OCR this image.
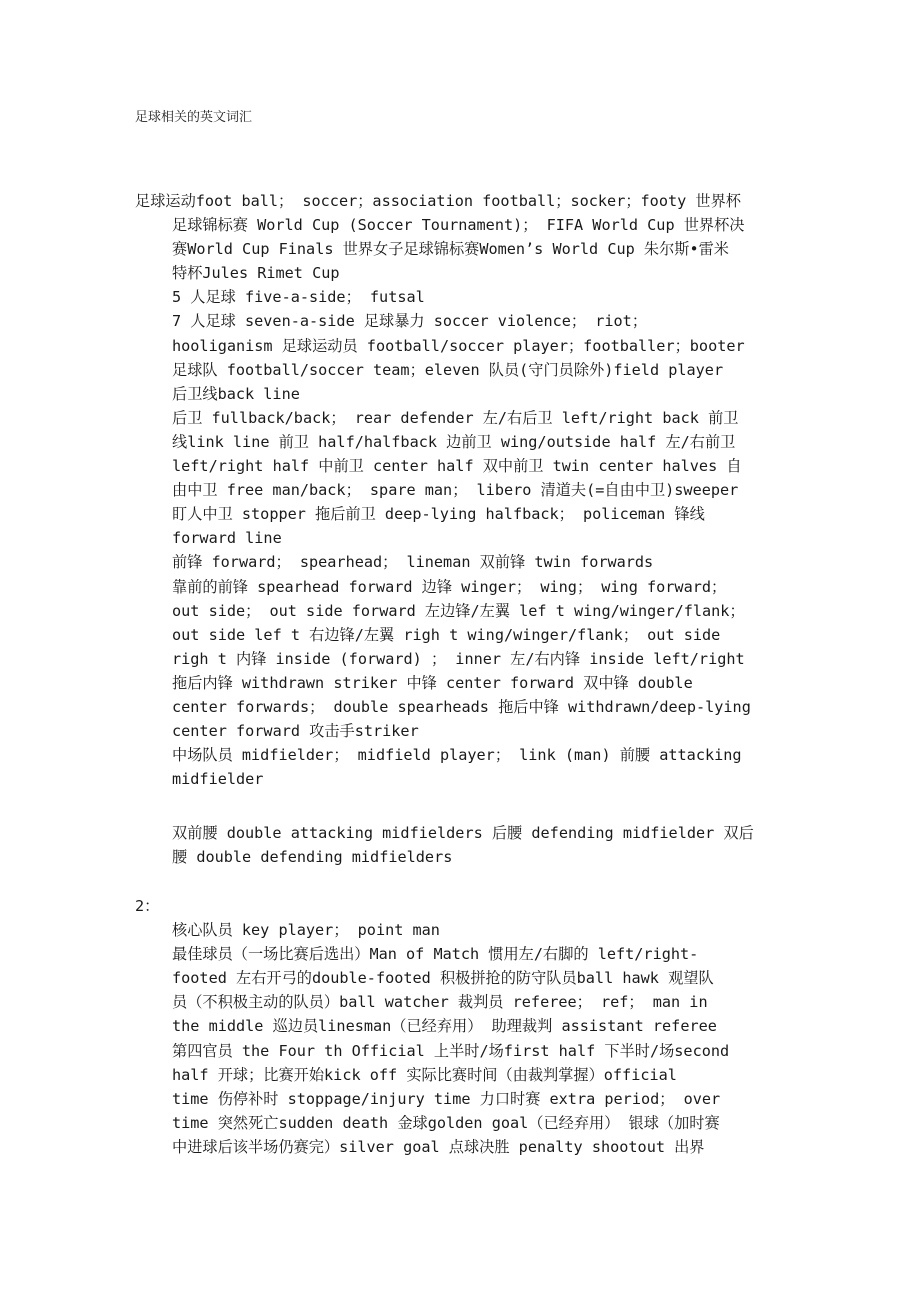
足球相关的英文词汇
足球运动foot ball； soccer；association football；socker；footy 世界杯
足球锦标赛 World Cup (Soccer Tournament)； FIFA World Cup 世界杯决
赛World Cup Finals 世界女子足球锦标赛Women’s World Cup 朱尔斯•雷米
特杯Jules Rimet Cup
5 人足球 five-a-side； futsal
7 人足球 seven-a-side 足球暴力 soccer violence； riot；
hooliganism 足球运动员 football/soccer player；footballer；booter
足球队 football/soccer team；eleven 队员(守门员除外)field player
后卫线back line
后卫 fullback/back； rear defender 左/右后卫 left/right back 前卫
线link line 前卫 half/halfback 边前卫 wing/outside half 左/右前卫
left/right half 中前卫 center half 双中前卫 twin center halves 自
由中卫 free man/back； spare man； libero 清道夫(=自由中卫)sweeper
盯人中卫 stopper 拖后前卫 deep-lying halfback； policeman 锋线
forward line
前锋 forward； spearhead； lineman 双前锋 twin forwards
靠前的前锋 spearhead forward 边锋 winger； wing； wing forward；
out side； out side forward 左边锋/左翼 lef t wing/winger/flank；
out side lef t 右边锋/左翼 righ t wing/winger/flank； out side
righ t 内锋 inside (forward) ； inner 左/右内锋 inside left/right
拖后内锋 withdrawn striker 中锋 center forward 双中锋 double
center forwards； double spearheads 拖后中锋 withdrawn/deep-lying
center forward 攻击手striker
中场队员 midfielder； midfield player； link (man) 前腰 attacking
midfielder
双前腰 double attacking midfielders 后腰 defending midfielder 双后
腰 double defending midfielders
2：
核心队员 key player； point man
最佳球员（一场比赛后选出）Man of Match 惯用左/右脚的 left/right-
footed 左右开弓的double-footed 积极拼抢的防守队员ball hawk 观望队
员（不积极主动的队员）ball watcher 裁判员 referee； ref； man in
the middle 巡边员linesman（已经弃用） 助理裁判 assistant referee
第四官员 the Four th Official 上半时/场first half 下半时/场second
half 开球；比赛开始kick off 实际比赛时间（由裁判掌握）official
time 伤停补时 stoppage/injury time 力口时赛 extra period； over
time 突然死亡sudden death 金球golden goal（已经弃用） 银球（加时赛
中进球后该半场仍赛完）silver goal 点球决胜 penalty shootout 出界
